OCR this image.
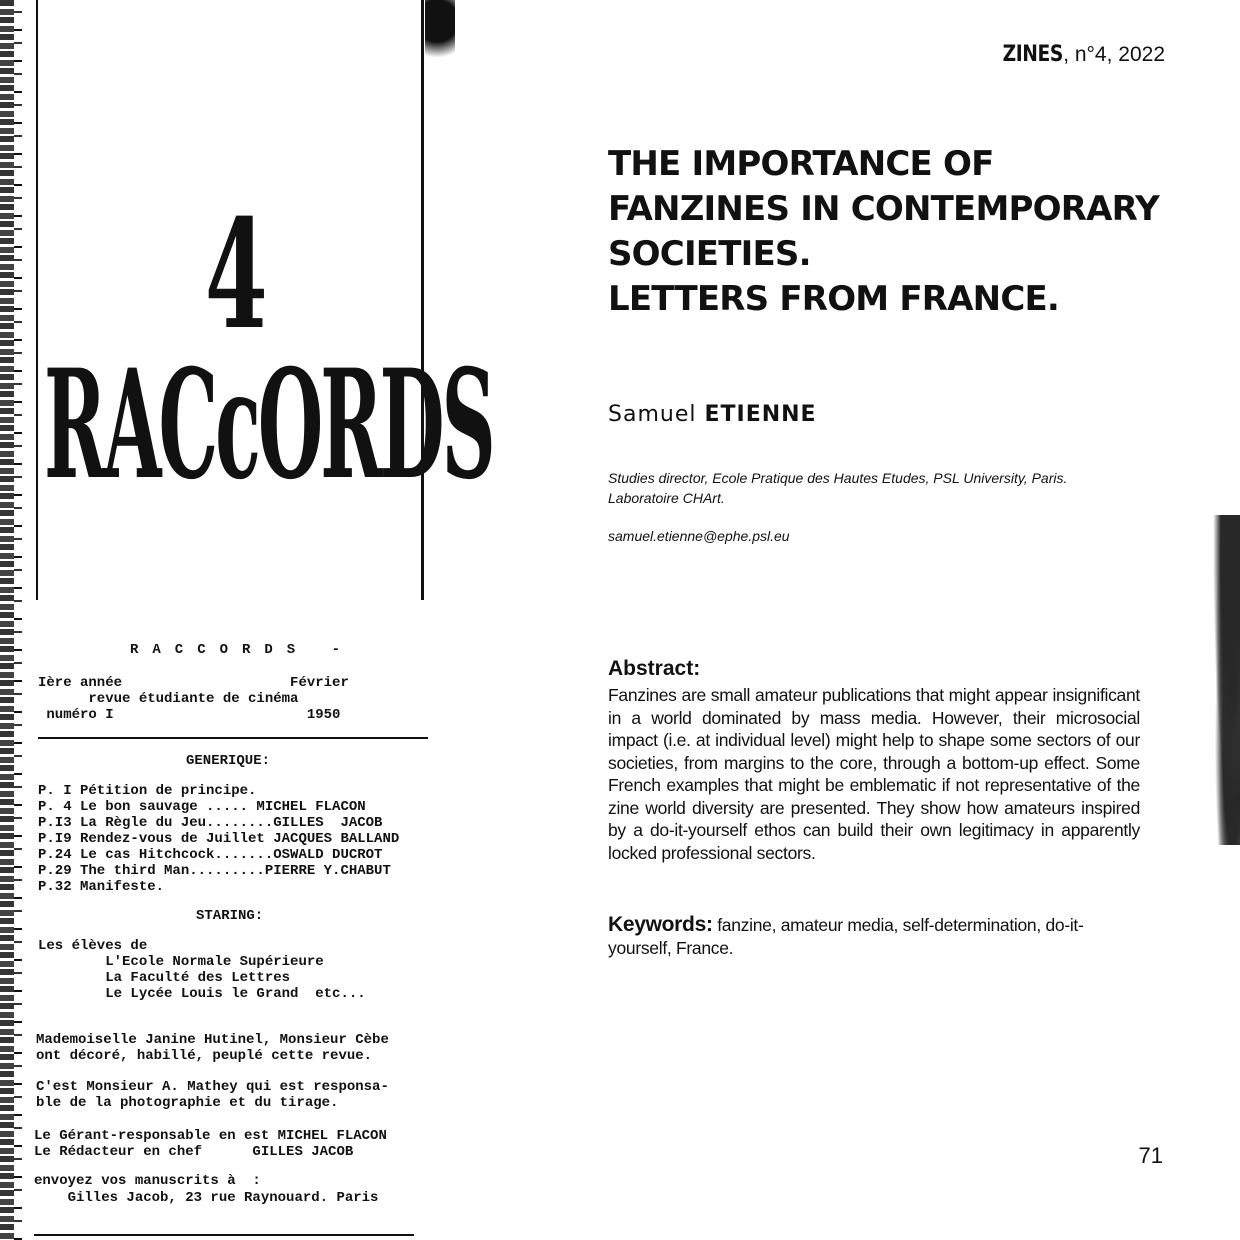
4
RACcORDS
RACCORDS -
Ière année                    Février
revue étudiante de cinéma
numéro I                       1950
GENERIQUE:
P. I Pétition de principe.
P. 4 Le bon sauvage ..... MICHEL FLACON
P.I3 La Règle du Jeu........GILLES  JACOB
P.I9 Rendez-vous de Juillet JACQUES BALLAND
P.24 Le cas Hitchcock.......OSWALD DUCROT
P.29 The third Man.........PIERRE Y.CHABUT
P.32 Manifeste.
STARING:
Les élèves de
L'Ecole Normale Supérieure
La Faculté des Lettres
Le Lycée Louis le Grand  etc...
Mademoiselle Janine Hutinel, Monsieur Cèbe
ont décoré, habillé, peuplé cette revue.
C'est Monsieur A. Mathey qui est responsa-
ble de la photographie et du tirage.
Le Gérant-responsable en est MICHEL FLACON
Le Rédacteur en chef      GILLES JACOB
envoyez vos manuscrits à  :
Gilles Jacob, 23 rue Raynouard. Paris
ZINES, n°4, 2022
THE IMPORTANCE OF
FANZINES IN CONTEMPORARY
SOCIETIES.
LETTERS FROM FRANCE.
Samuel ETIENNE
Studies director, Ecole Pratique des Hautes Etudes, PSL University, Paris.
Laboratoire CHArt.
samuel.etienne@ephe.psl.eu
Abstract:
Fanzines are small amateur publications that might appear insignificant in a world dominated by mass media. However, their microsocial impact (i.e. at individual level) might help to shape some sectors of our societies, from margins to the core, through a bottom-up effect. Some French examples that might be emblematic if not representative of the zine world diversity are presented. They show how amateurs inspired by a do-it-yourself ethos can build their own legitimacy in apparently locked professional sectors.
Keywords: fanzine, amateur media, self-determination, do-it-yourself, France.
71
